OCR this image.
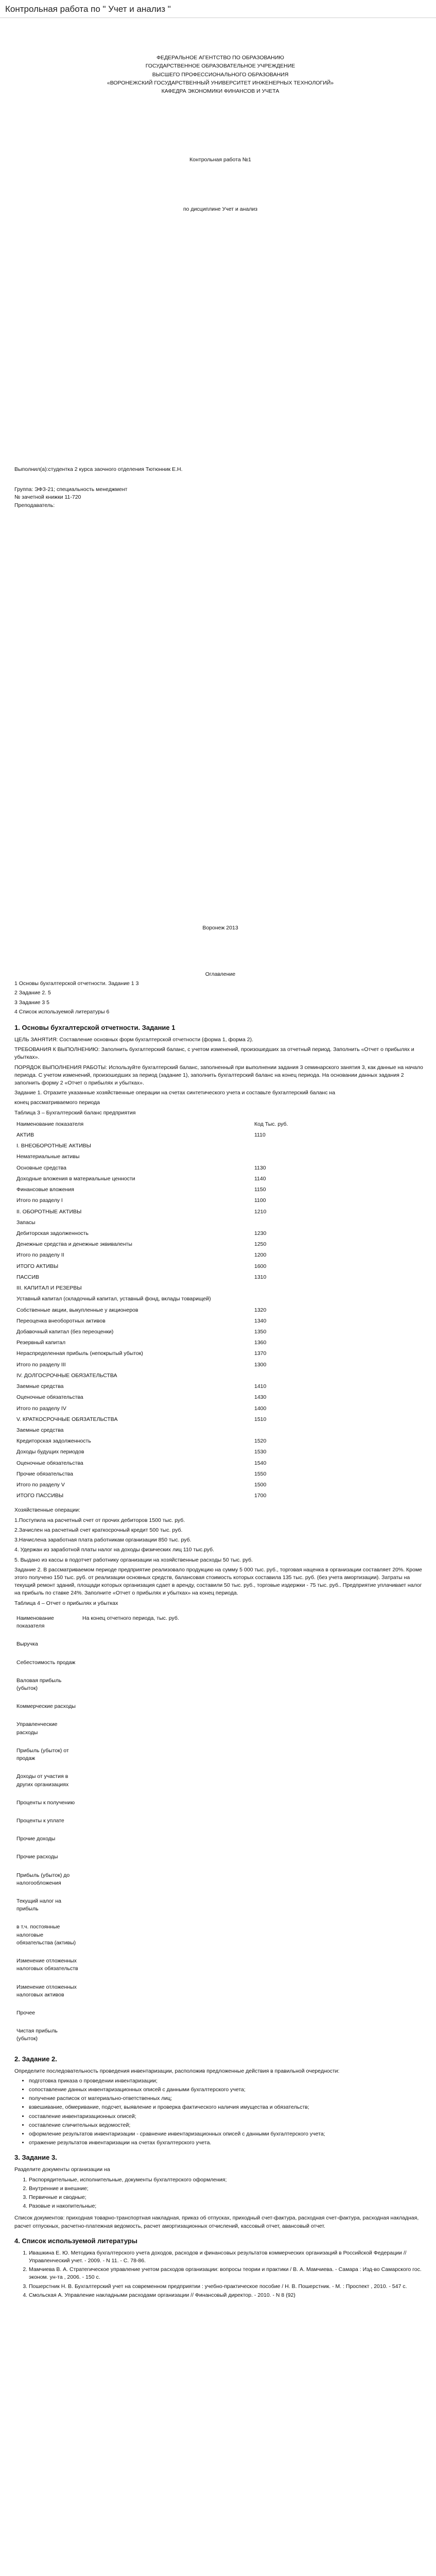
Контрольная работа по " Учет и анализ "
ФЕДЕРАЛЬНОЕ АГЕНТСТВО ПО ОБРАЗОВАНИЮ
ГОСУДАРСТВЕННОЕ ОБРАЗОВАТЕЛЬНОЕ УЧРЕЖДЕНИЕ
ВЫСШЕГО ПРОФЕССИОНАЛЬНОГО ОБРАЗОВАНИЯ
«ВОРОНЕЖСКИЙ ГОСУДАРСТВЕННЫЙ УНИВЕРСИТЕТ ИНЖЕНЕРНЫХ ТЕХНОЛОГИЙ»
КАФЕДРА ЭКОНОМИКИ ФИНАНСОВ И УЧЕТА
Контрольная работа №1
по дисциплине Учет и анализ

Выполнил(а):студентка 2 курса заочного отделения Тютюнник Е.Н.

Группа: ЭФЗ-21; специальность менеджмент

№ зачетной книжки 11-720

Преподаватель:

Воронеж 2013

Оглавление

1 Основы бухгалтерской отчетности. Задание 1 3

2 Задание 2. 5

3 Задание 3 5

4 Список используемой литературы 6

1. Основы бухгалтерской отчетности. Задание 1

ЦЕЛЬ ЗАНЯТИЯ: Составление основных форм бухгалтерской отчетности (форма 1, форма 2).

ТРЕБОВАНИЯ К ВЫПОЛНЕНИЮ: Заполнить бухгалтерский баланс, с учетом изменений, произошедших за отчетный период. Заполнить «Отчет о прибылях и убытках».

ПОРЯДОК ВЫПОЛНЕНИЯ РАБОТЫ: Используйте бухгалтерский баланс, заполненный при выполнении задания 3 семинарского занятия 3, как данные на начало периода. С учетом изменений, произошедших за период (задание 1), заполнить бухгалтерский баланс на конец периода. На основании данных задания 2 заполнить форму 2 «Отчет о прибылях и убытках».

Задание 1. Отразите указанные хозяйственные операции на счетах синтетического учета и составьте бухгалтерский баланс на

конец рассматриваемого периода

Таблица 3 – Бухгалтерский баланс предприятия

Наименование показателя	Код Тыс. руб.
АКТИВ	1110
I. ВНЕОБОРОТНЫЕ АКТИВЫ	
Нематериальные активы	
Основные средства	1130
Доходные вложения в материальные ценности	1140
Финансовые вложения	1150
Итого по разделу I	1100
II. ОБОРОТНЫЕ АКТИВЫ	1210
Запасы	
Дебиторская задолженность	1230
Денежные средства и денежные эквиваленты	1250
Итого по разделу II	1200
ИТОГО АКТИВЫ	1600
ПАССИВ	1310
III. КАПИТАЛ И РЕЗЕРВЫ	
Уставный капитал (складочный капитал, уставный фонд, вклады товарищей)	
Собственные акции, выкупленные у акционеров	1320
Переоценка внеоборотных активов	1340
Добавочный капитал (без переоценки)	1350
Резервный капитал	1360
Нераспределенная прибыль (непокрытый убыток)	1370
Итого по разделу III	1300
IV. ДОЛГОСРОЧНЫЕ ОБЯЗАТЕЛЬСТВА	
Заемные средства	1410
Оценочные обязательства	1430
Итого по разделу IV	1400
V. КРАТКОСРОЧНЫЕ ОБЯЗАТЕЛЬСТВА	1510
Заемные средства	
Кредиторская задолженность	1520
Доходы будущих периодов	1530
Оценочные обязательства	1540
Прочие обязательства	1550
Итого по разделу V	1500
ИТОГО ПАССИВЫ	1700

Хозяйственные операции:

1.Поступила на расчетный счет от прочих дебиторов 1500 тыс. руб.

2.Зачислен на расчетный счет краткосрочный кредит 500 тыс. руб.

3.Начислена заработная плата работникам организации 850 тыс. руб.

4. Удержан из заработной платы налог на доходы физических лиц 110 тыс.руб.

5. Выдано из кассы в подотчет работнику организации на хозяйственные расходы 50 тыс. руб.

Задание 2. В рассматриваемом периоде предприятие реализовало продукцию на сумму 5 000 тыс. руб., торговая наценка в организации составляет 20%. Кроме этого получено 150 тыс. руб. от реализации основных средств, балансовая стоимость которых составила 135 тыс. руб. (без учета амортизации). Затраты на текущий ремонт зданий, площади которых организация сдает в аренду, составили 50 тыс. руб., торговые издержки - 75 тыс. руб.. Предприятие уплачивает налог на прибыль по ставке 24%. Заполните «Отчет о прибылях и убытках» на конец периода.

Таблица 4 – Отчет о прибылях и убытках

Наименование показателя	На конец отчетного периода, тыс. руб.
Выручка	
Себестоимость продаж	
Валовая прибыль (убыток)	
Коммерческие расходы	
Управленческие расходы	
Прибыль (убыток) от продаж	
Доходы от участия в других организациях	
Проценты к получению	
Проценты к уплате	
Прочие доходы	
Прочие расходы	
Прибыль (убыток) до налогообложения	
Текущий налог на прибыль	
в т.ч. постоянные налоговые обязательства (активы)	
Изменение отложенных налоговых обязательств	
Изменение отложенных налоговых активов	
Прочее	
Чистая прибыль (убыток)	
2. Задание 2.

Определите последовательность проведения инвентаризации, расположив предложенные действия в правильной очередности:

• подготовка приказа о проведении инвентаризации;
• сопоставление данных инвентаризационных описей с данными бухгалтерского учета;
• получение расписок от материально-ответственных лиц;
• взвешивание, обмеривание, подсчет, выявление и проверка фактического наличия имущества и обязательств;
• составление инвентаризационных описей;
• составление сличительных ведомостей;
• оформление результатов инвентаризации - сравнение инвентаризационных описей с данными бухгалтерского учета;
• отражение результатов инвентаризации на счетах бухгалтерского учета.
3. Задание 3.

Разделите документы организации на

1. Распорядительные, исполнительные, документы бухгалтерского оформления;
2. Внутренние и внешние;
3. Первичные и сводные;
4. Разовые и накопительные;

Список документов: приходная товарно-транспортная накладная, приказ об отпусках, приходный счет-фактура, расходная счет-фактура, расходная накладная, расчет отпускных, расчетно-платежная ведомость, расчет амортизационных отчислений, кассовый отчет, авансовый отчет.

4. Список используемой литературы
1. Ивашкина Е. Ю. Методика бухгалтерского учета доходов, расходов и финансовых результатов коммерческих организаций в Российской Федерации // Управленческий учет. - 2009. - N 11. - С. 78-86.
2. Мамчиева В. А. Стратегическое управление учетом расходов организации: вопросы теории и практики / В. А. Мамчиева. - Самара : Изд-во Самарского гос. эконом. ун-та , 2006. - 150 с.
3. Пошерстник Н. В. Бухгалтерский учет на современном предприятии : учебно-практическое пособие / Н. В. Пошерстник. - М. : Проспект , 2010. - 547 с.
4. Смольская А. Управление накладными расходами организации // Финансовый директор. - 2010. - N 8 (92)
